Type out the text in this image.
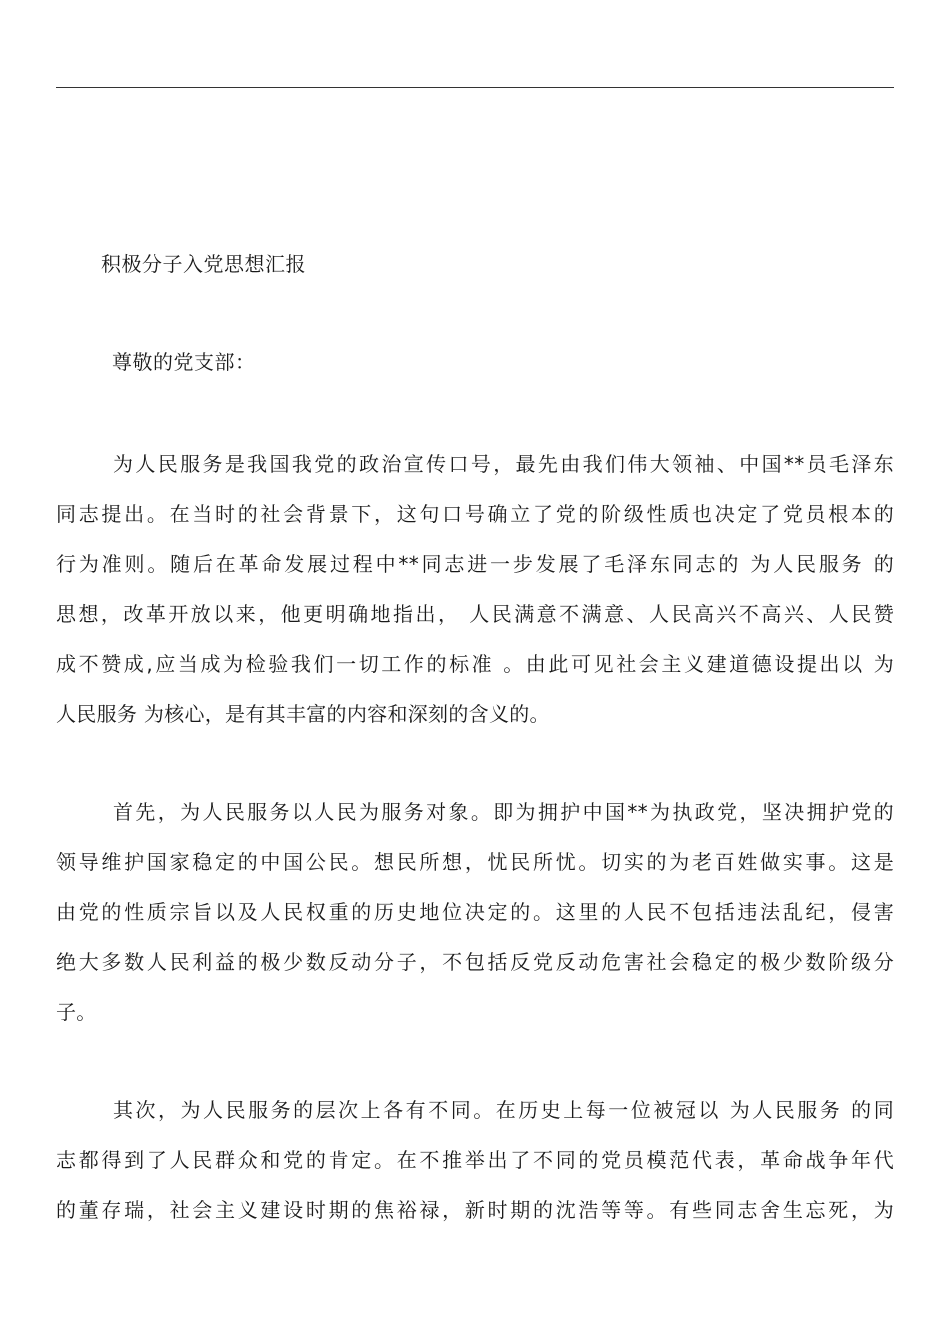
积极分子入党思想汇报
尊敬的党支部：
为人民服务是我国我党的政治宣传口号，最先由我们伟大领袖、中国**员毛泽东
同志提出。在当时的社会背景下，这句口号确立了党的阶级性质也决定了党员根本的
行为准则。随后在革命发展过程中**同志进一步发展了毛泽东同志的 为人民服务 的
思想，改革开放以来，他更明确地指出， 人民满意不满意、人民高兴不高兴、人民赞
成不赞成,应当成为检验我们一切工作的标准 。由此可见社会主义建道德设提出以 为
人民服务 为核心，是有其丰富的内容和深刻的含义的。
首先，为人民服务以人民为服务对象。即为拥护中国**为执政党，坚决拥护党的
领导维护国家稳定的中国公民。想民所想，忧民所忧。切实的为老百姓做实事。这是
由党的性质宗旨以及人民权重的历史地位决定的。这里的人民不包括违法乱纪，侵害
绝大多数人民利益的极少数反动分子，不包括反党反动危害社会稳定的极少数阶级分
子。
其次，为人民服务的层次上各有不同。在历史上每一位被冠以 为人民服务 的同
志都得到了人民群众和党的肯定。在不推举出了不同的党员模范代表，革命战争年代
的董存瑞，社会主义建设时期的焦裕禄，新时期的沈浩等等。有些同志舍生忘死，为
